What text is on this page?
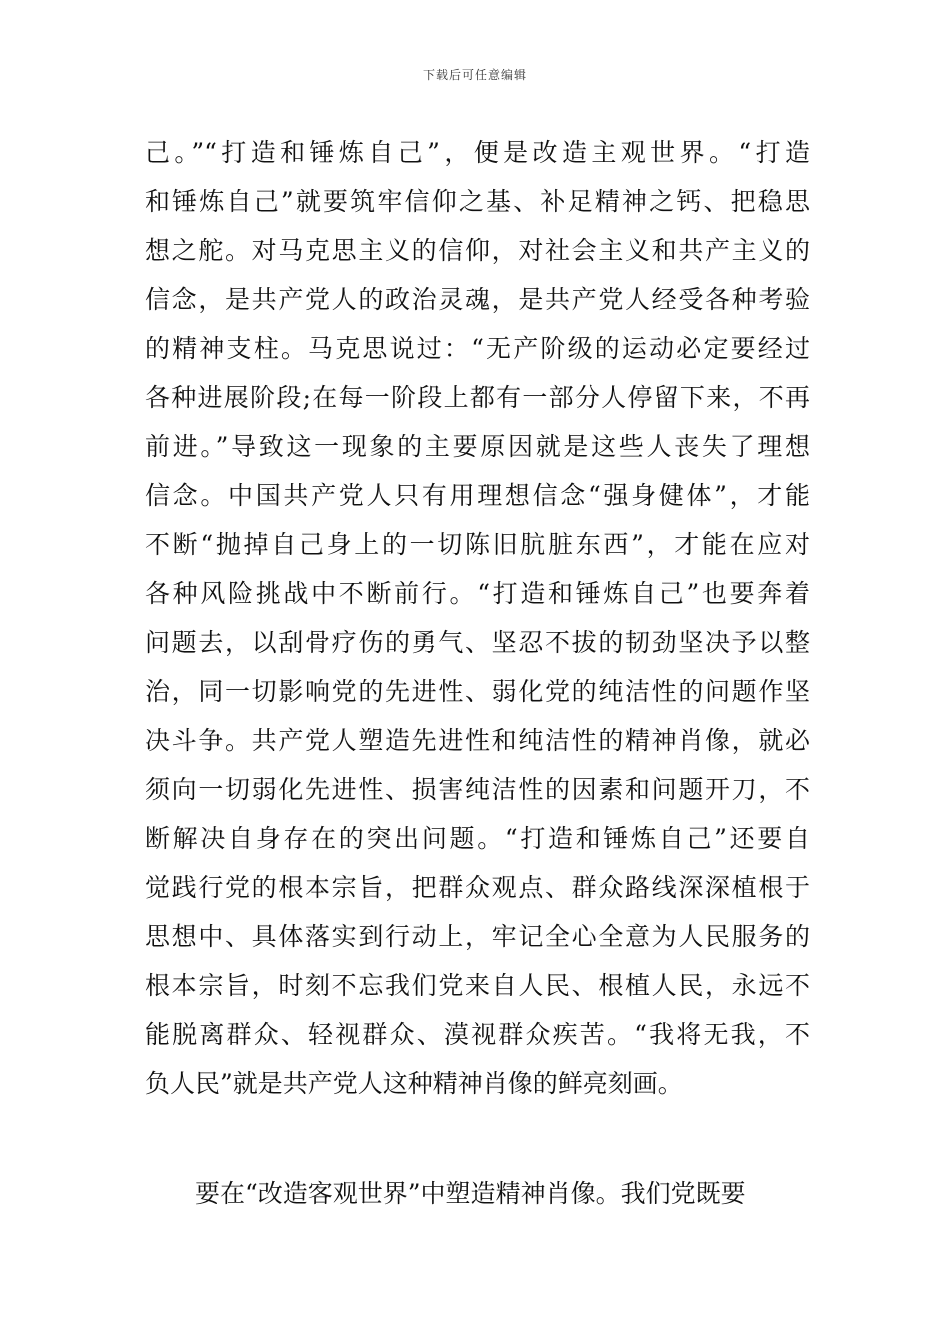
下载后可任意编辑
己。”“打造和锤炼自己”，便是改造主观世界。“打造
和锤炼自己”就要筑牢信仰之基、补足精神之钙、把稳思
想之舵。对马克思主义的信仰，对社会主义和共产主义的
信念，是共产党人的政治灵魂，是共产党人经受各种考验
的精神支柱。马克思说过：“无产阶级的运动必定要经过
各种进展阶段;在每一阶段上都有一部分人停留下来，不再
前进。”导致这一现象的主要原因就是这些人丧失了理想
信念。中国共产党人只有用理想信念“强身健体”，才能
不断“抛掉自己身上的一切陈旧肮脏东西”，才能在应对
各种风险挑战中不断前行。“打造和锤炼自己”也要奔着
问题去，以刮骨疗伤的勇气、坚忍不拔的韧劲坚决予以整
治，同一切影响党的先进性、弱化党的纯洁性的问题作坚
决斗争。共产党人塑造先进性和纯洁性的精神肖像，就必
须向一切弱化先进性、损害纯洁性的因素和问题开刀，不
断解决自身存在的突出问题。“打造和锤炼自己”还要自
觉践行党的根本宗旨，把群众观点、群众路线深深植根于
思想中、具体落实到行动上，牢记全心全意为人民服务的
根本宗旨，时刻不忘我们党来自人民、根植人民，永远不
能脱离群众、轻视群众、漠视群众疾苦。“我将无我，不
负人民”就是共产党人这种精神肖像的鲜亮刻画。
要在“改造客观世界”中塑造精神肖像。我们党既要
